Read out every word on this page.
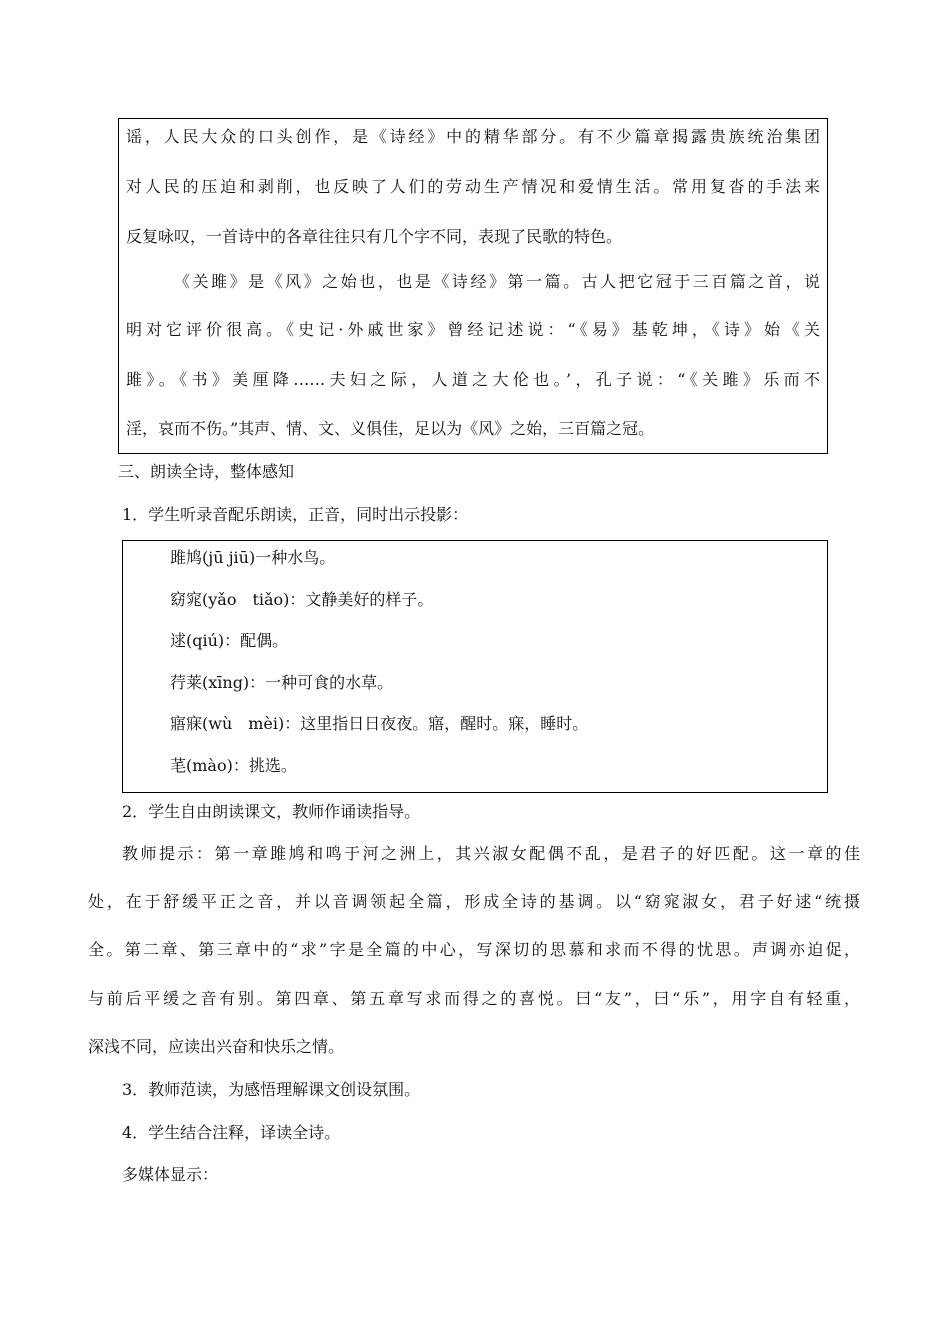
谣，人民大众的口头创作，是《诗经》中的精华部分。有不少篇章揭露贵族统治集团
对人民的压迫和剥削，也反映了人们的劳动生产情况和爱情生活。常用复沓的手法来
反复咏叹，一首诗中的各章往往只有几个字不同，表现了民歌的特色。
《关雎》是《风》之始也，也是《诗经》第一篇。古人把它冠于三百篇之首，说
明对它评价很高。《史记·外戚世家》曾经记述说：“《易》基乾坤，《诗》始《关
雎》。《书》美厘降……夫妇之际，人道之大伦也。’，孔子说：“《关雎》乐而不
淫，哀而不伤。”其声、情、文、义俱佳，足以为《风》之始，三百篇之冠。
三、朗读全诗，整体感知
1．学生听录音配乐朗读，正音，同时出示投影：
雎鸠(jū jiū)一种水鸟。
窈窕(yǎo　tiǎo)：文静美好的样子。
逑(qiú)：配偶。
荇莱(xīng)：一种可食的水草。
寤寐(wù　mèi)：这里指日日夜夜。寤，醒时。寐，睡时。
芼(mào)：挑选。
2．学生自由朗读课文，教师作诵读指导。
教师提示：第一章雎鸠和鸣于河之洲上，其兴淑女配偶不乱，是君子的好匹配。这一章的佳
处，在于舒缓平正之音，并以音调领起全篇，形成全诗的基调。以“窈窕淑女，君子好逑“统摄
全。第二章、第三章中的“求”字是全篇的中心，写深切的思慕和求而不得的忧思。声调亦迫促，
与前后平缓之音有别。第四章、第五章写求而得之的喜悦。曰“友”，曰“乐”，用字自有轻重，
深浅不同，应读出兴奋和快乐之情。
3．教师范读，为感悟理解课文创设氛围。
4．学生结合注释，译读全诗。
多媒体显示：
